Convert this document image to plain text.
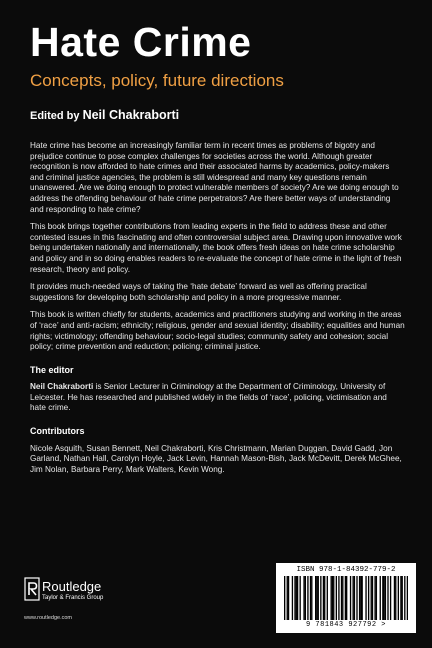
Hate Crime
Concepts, policy, future directions
Edited by Neil Chakraborti

Hate crime has become an increasingly familiar term in recent times as problems of bigotry and prejudice continue to pose complex challenges for societies across the world. Although greater recognition is now afforded to hate crimes and their associated harms by academics, policy-makers and criminal justice agencies, the problem is still widespread and many key questions remain unanswered. Are we doing enough to protect vulnerable members of society? Are we doing enough to address the offending behaviour of hate crime perpetrators? Are there better ways of understanding and responding to hate crime?

This book brings together contributions from leading experts in the field to address these and other contested issues in this fascinating and often controversial subject area. Drawing upon innovative work being undertaken nationally and internationally, the book offers fresh ideas on hate crime scholarship and policy and in so doing enables readers to re-evaluate the concept of hate crime in the light of fresh research, theory and policy.

It provides much-needed ways of taking the ‘hate debate’ forward as well as offering practical suggestions for developing both scholarship and policy in a more progressive manner.

This book is written chiefly for students, academics and practitioners studying and working in the areas of ‘race’ and anti-racism; ethnicity; religious, gender and sexual identity; disability; equalities and human rights; victimology; offending behaviour; socio-legal studies; community safety and cohesion; social policy; crime prevention and reduction; policing; criminal justice.

The editor

Neil Chakraborti is Senior Lecturer in Criminology at the Department of Criminology, University of Leicester. He has researched and published widely in the fields of ‘race’, policing, victimisation and hate crime.

Contributors

Nicole Asquith, Susan Bennett, Neil Chakraborti, Kris Christmann, Marian Duggan, David Gadd, Jon Garland, Nathan Hall, Carolyn Hoyle, Jack Levin, Hannah Mason-Bish, Jack McDevitt, Derek McGhee, Jim Nolan, Barbara Perry, Mark Walters, Kevin Wong.

Routledge
Taylor & Francis Group
www.routledge.com
ISBN 978-1-84392-779-2
9 781843 927792 >
